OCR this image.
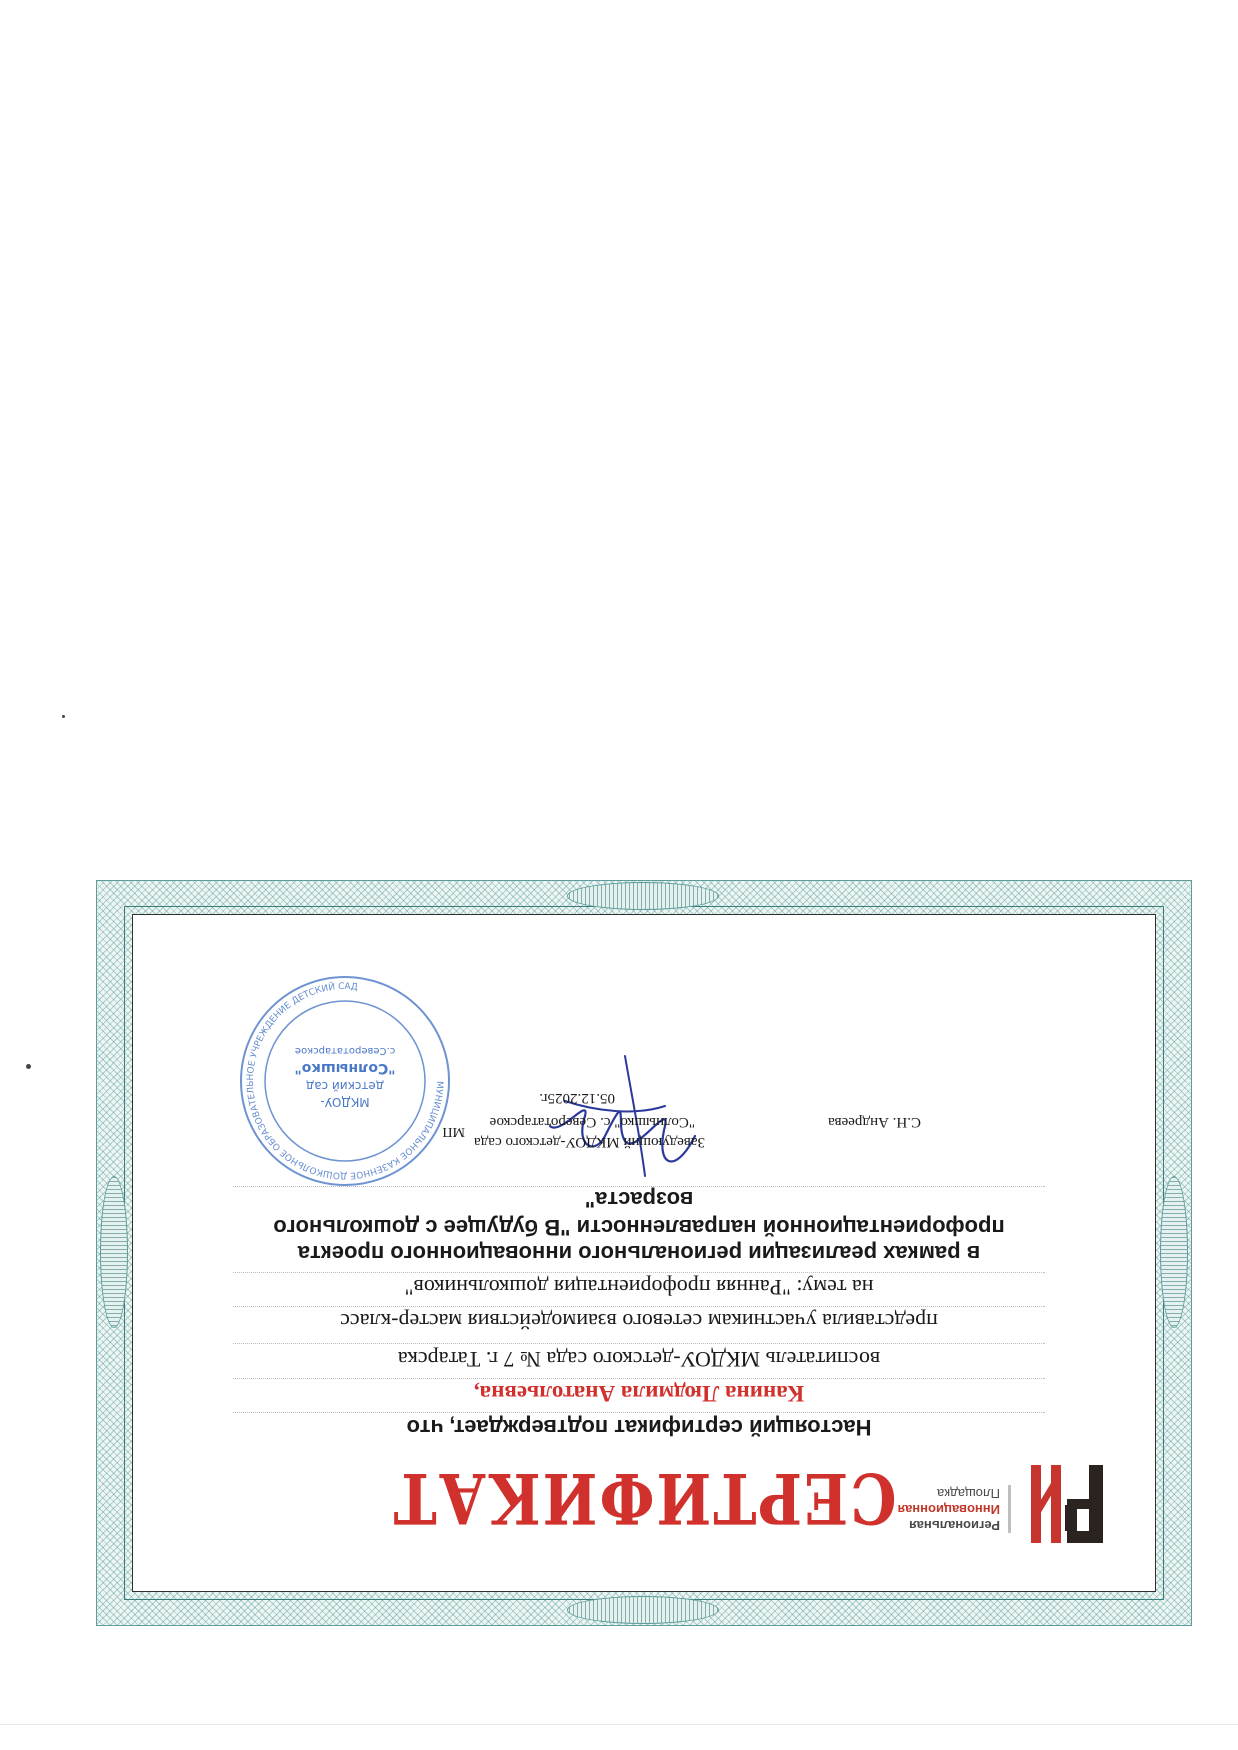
Региональная
Инновационная
Площадка
СЕРТИФИКАТ
Настоящий сертификат подтверждает, что
Канина Людмила Анатольевна,
воспитатель МКДОУ-детского сада № 7 г. Татарска
представила участникам сетевого взаимодействия мастер-класс
на тему: "Ранняя профориентация дошкольников"
в рамках реализации регионального инновационного проекта
профориентационной направленности "В будущее с дошкольного возраста"
МУНИЦИПАЛЬНОЕ КАЗЕННОЕ ДОШКОЛЬНОЕ ОБРАЗОВАТЕЛЬНОЕ УЧРЕЖДЕНИЕ ДЕТСКИЙ САД
МКДОУ-
детский сад
"Солнышко"
с.Северотатарское
Заведующий МКДОУ-детского сада
"Солнышко" с. Северотатарское
05.12.2025г.
С.Н. Андреева
МП
